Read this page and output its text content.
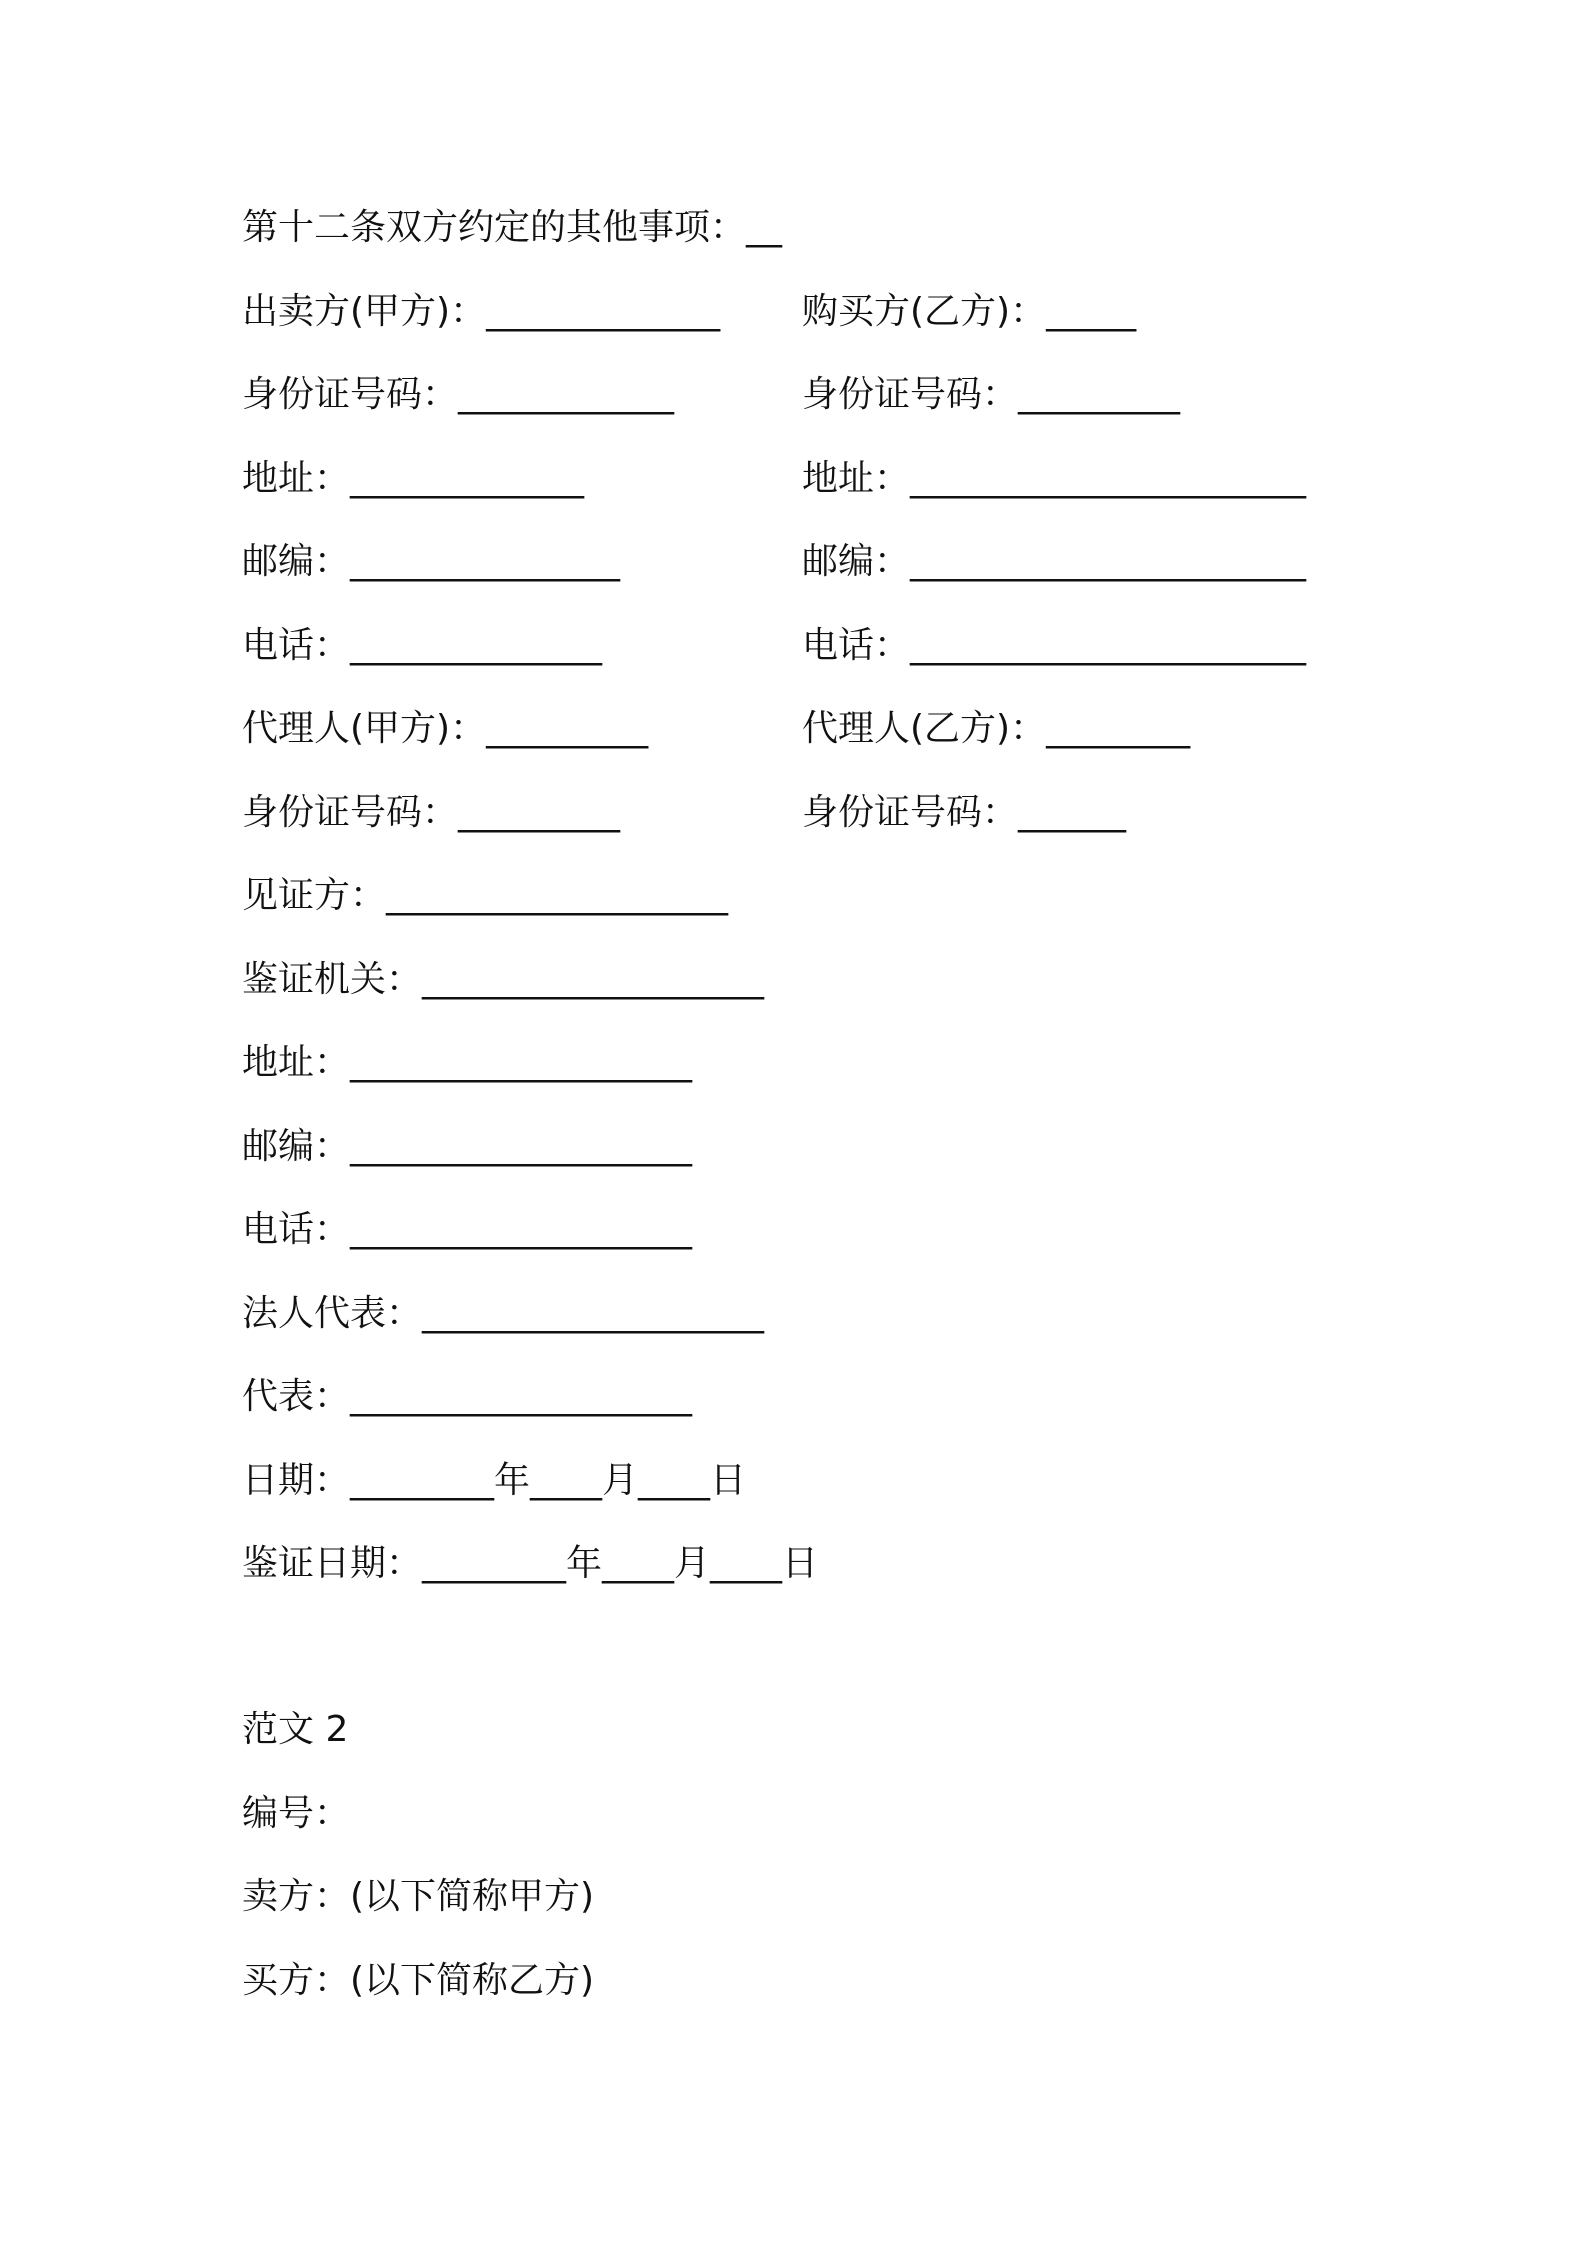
第十二条双方约定的其他事项：__
出卖方(甲方)：_____________ 购买方(乙方)：_____
身份证号码：____________	身份证号码：_________
地址：_____________	地址：______________________
邮编：_______________	邮编：______________________
电话：______________	电话：______________________
代理人(甲方)：_________	代理人(乙方)：________
身份证号码：_________	身份证号码：______
见证方：___________________
鉴证机关：___________________
地址：___________________
邮编：___________________
电话：___________________
法人代表：___________________
代表：___________________
日期：________年____月____日
鉴证日期：________年____月____日
范文 2
编号：
卖方：(以下简称甲方)
买方：(以下简称乙方)
